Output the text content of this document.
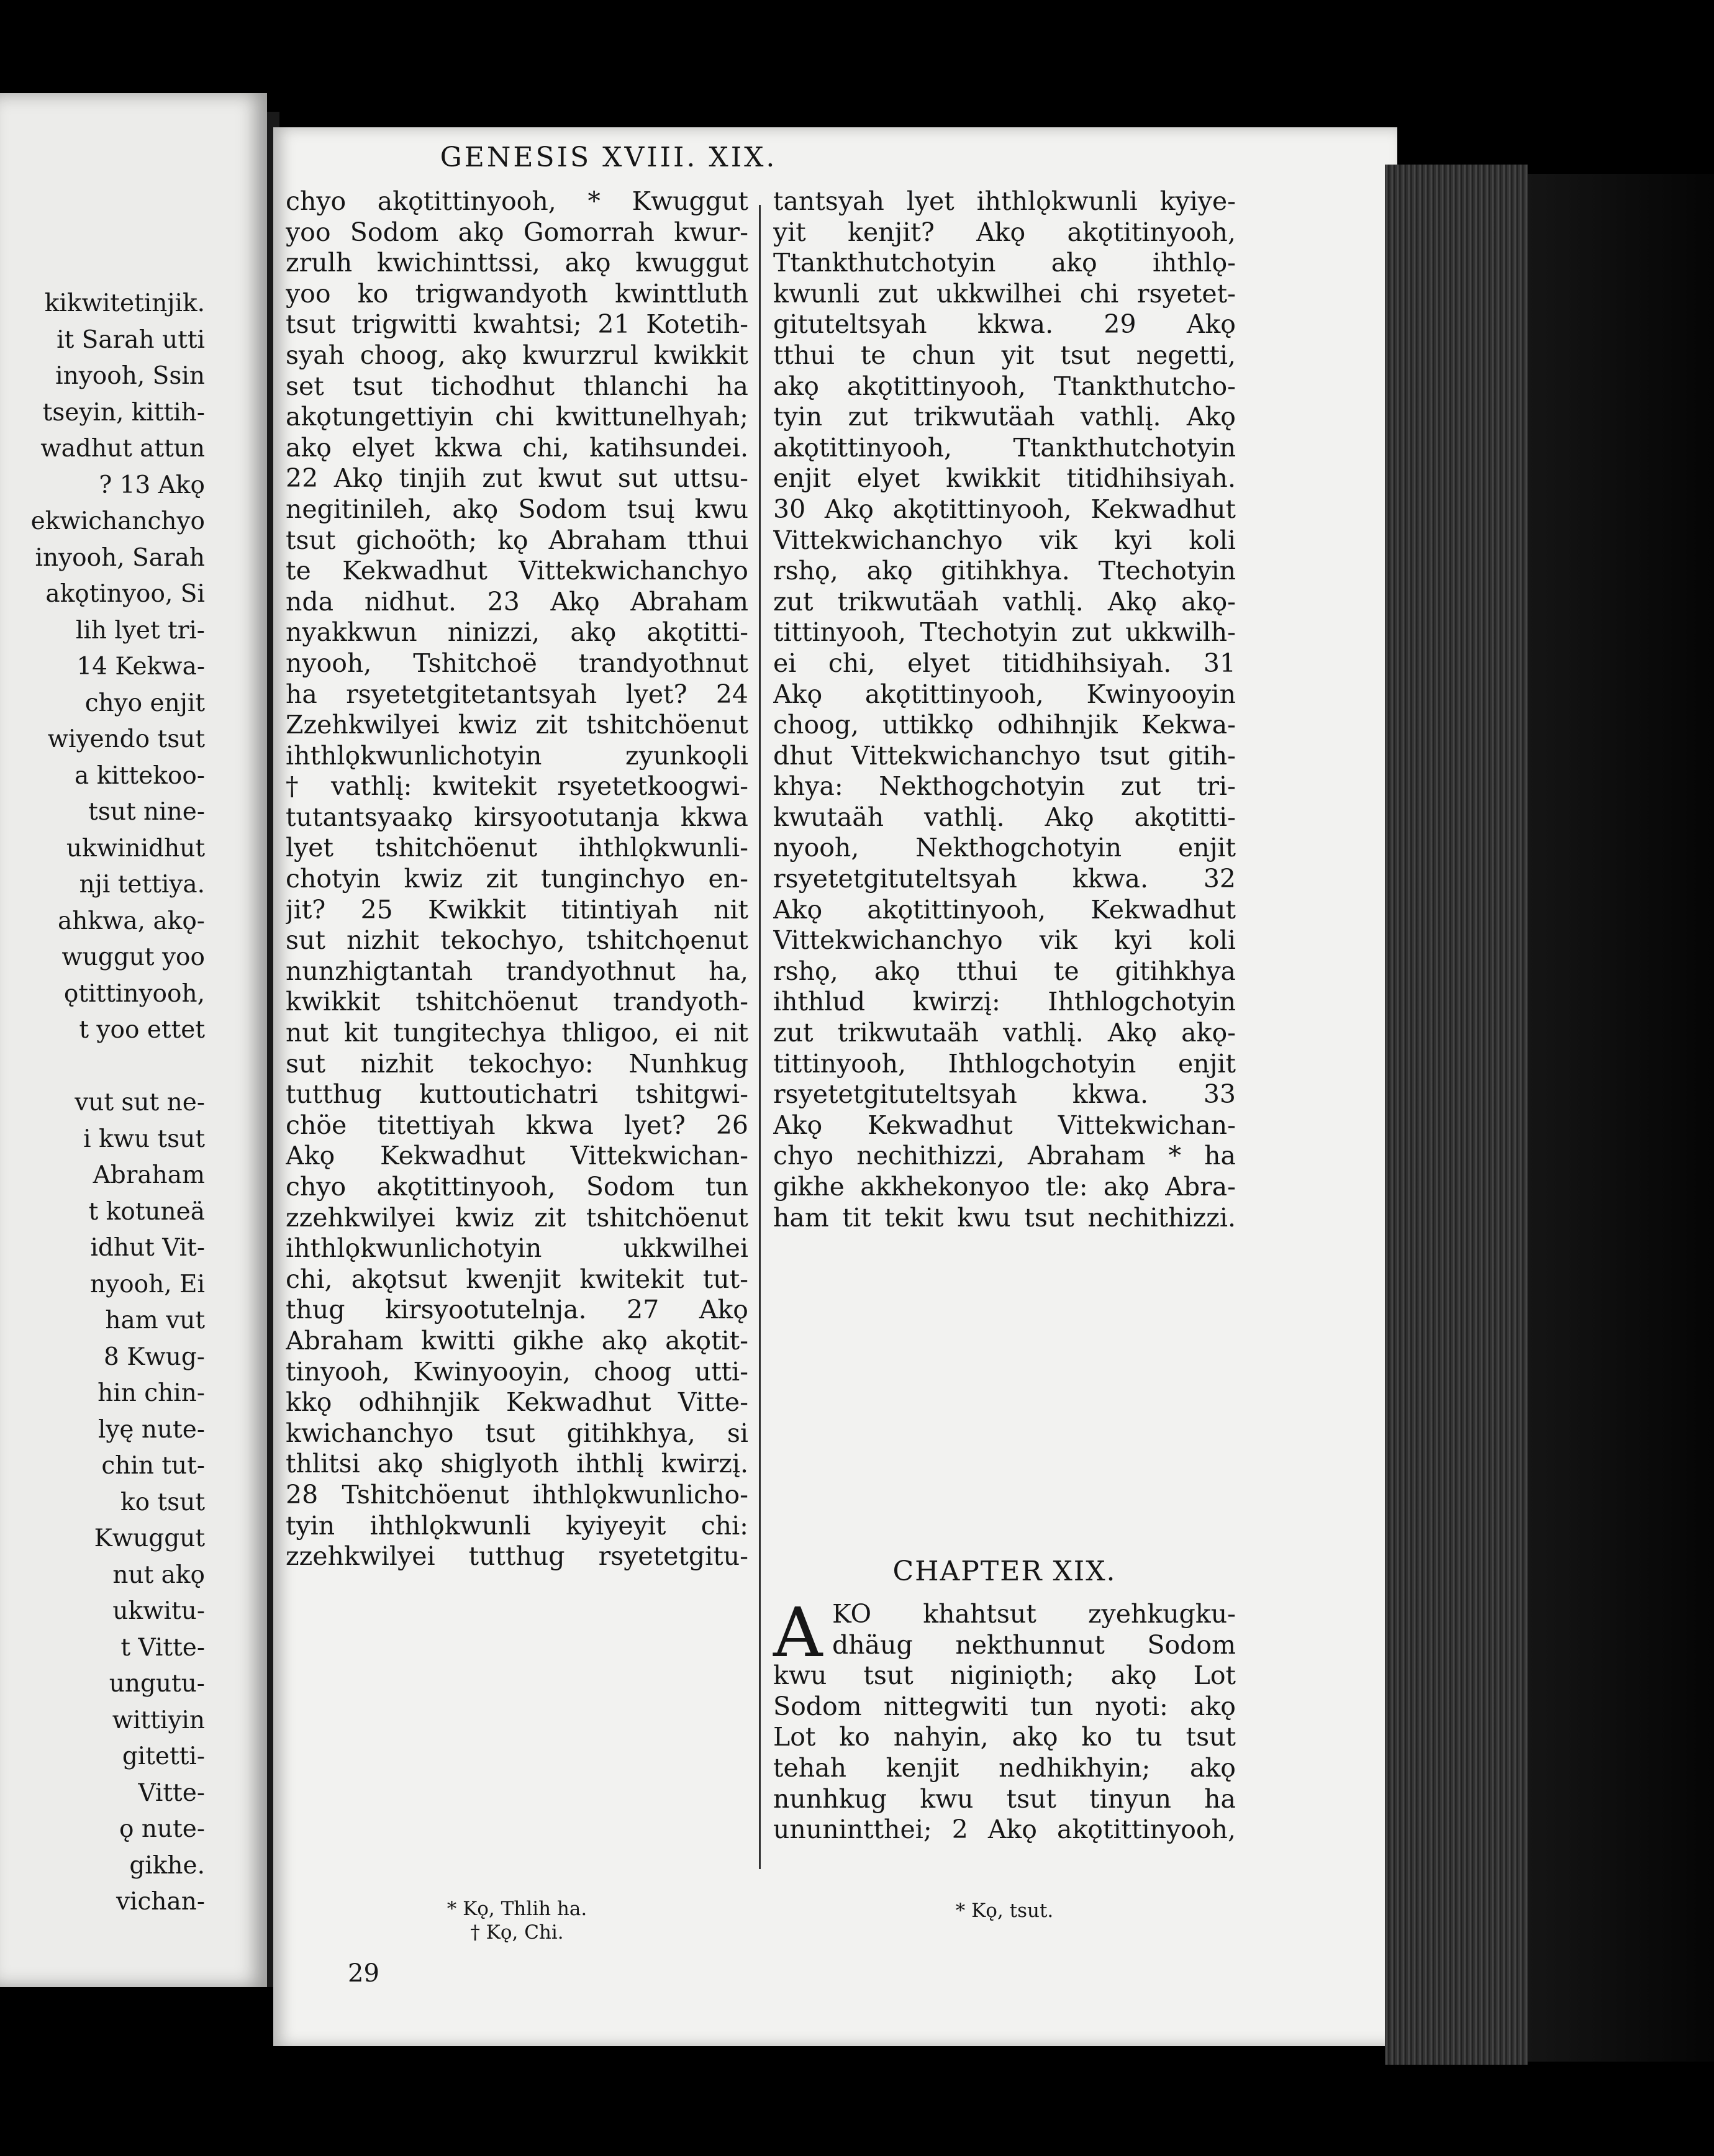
kikwitetinjik.
it Sarah utti
inyooh, Ssin
tseyin, kittih-
wadhut attun
? 13 Akǫ
ekwichanchyo
inyooh, Sarah
akǫtinyoo, Si
lih lyet tri-
14 Kekwa-
chyo enjit
wiyendo tsut
a kittekoo-
tsut nine-
ukwinidhut
nji tettiya.
ahkwa, akǫ-
wuggut yoo
ǫtittinyooh,
t yoo ettet
vut sut ne-
i kwu tsut
Abraham
t kotuneä
idhut Vit-
nyooh, Ei
ham vut
8 Kwug-
hin chin-
lyę nute-
chin tut-
ko tsut
Kwuggut
nut akǫ
ukwitu-
t Vitte-
ungutu-
wittiyin
gitetti-
Vitte-
ǫ nute-
gikhe.
vichan-
GENESIS XVIII. XIX.
chyo akǫtittinyooh, * Kwuggut
yoo Sodom akǫ Gomorrah kwur-
zrulh kwichinttssi, akǫ kwuggut
yoo ko trigwandyoth kwinttluth
tsut trigwitti kwahtsi; 21 Kotetih-
syah choog, akǫ kwurzrul kwikkit
set tsut tichodhut thlanchi ha
akǫtungettiyin chi kwittunelhyah;
akǫ elyet kkwa chi, katihsundei.
22 Akǫ tinjih zut kwut sut uttsu-
negitinileh, akǫ Sodom tsuį kwu
tsut gichoöth; kǫ Abraham tthui
te Kekwadhut Vittekwichanchyo
nda nidhut. 23 Akǫ Abraham
nyakkwun ninizzi, akǫ akǫtitti-
nyooh, Tshitchoë trandyothnut
ha rsyetetgitetantsyah lyet? 24
Zzehkwilyei kwiz zit tshitchöenut
ihthlǫkwunlichotyin zyunkoǫli
† vathlį: kwitekit rsyetetkoogwi-
tutantsyaakǫ kirsyootutanja kkwa
lyet tshitchöenut ihthlǫkwunli-
chotyin kwiz zit tunginchyo en-
jit? 25 Kwikkit titintiyah nit
sut nizhit tekochyo, tshitchǫenut
nunzhigtantah trandyothnut ha,
kwikkit tshitchöenut trandyoth-
nut kit tungitechya thligoo, ei nit
sut nizhit tekochyo: Nunhkug
tutthug kuttoutichatri tshitgwi-
chöe titettiyah kkwa lyet? 26
Akǫ Kekwadhut Vittekwichan-
chyo akǫtittinyooh, Sodom tun
zzehkwilyei kwiz zit tshitchöenut
ihthlǫkwunlichotyin ukkwilhei
chi, akǫtsut kwenjit kwitekit tut-
thug kirsyootutelnja. 27 Akǫ
Abraham kwitti gikhe akǫ akǫtit-
tinyooh, Kwinyooyin, choog utti-
kkǫ odhihnjik Kekwadhut Vitte-
kwichanchyo tsut gitihkhya, si
thlitsi akǫ shiglyoth ihthlį kwirzį.
28 Tshitchöenut ihthlǫkwunlicho-
tyin ihthlǫkwunli kyiyeyit chi:
zzehkwilyei tutthug rsyetetgitu-
tantsyah lyet ihthlǫkwunli kyiye-
yit kenjit? Akǫ akǫtitinyooh,
Ttankthutchotyin akǫ ihthlǫ-
kwunli zut ukkwilhei chi rsyetet-
gituteltsyah kkwa. 29 Akǫ
tthui te chun yit tsut negetti,
akǫ akǫtittinyooh, Ttankthutcho-
tyin zut trikwutäah vathlį. Akǫ
akǫtittinyooh, Ttankthutchotyin
enjit elyet kwikkit titidhihsiyah.
30 Akǫ akǫtittinyooh, Kekwadhut
Vittekwichanchyo vik kyi koli
rshǫ, akǫ gitihkhya. Ttechotyin
zut trikwutäah vathlį. Akǫ akǫ-
tittinyooh, Ttechotyin zut ukkwilh-
ei chi, elyet titidhihsiyah. 31
Akǫ akǫtittinyooh, Kwinyooyin
choog, uttikkǫ odhihnjik Kekwa-
dhut Vittekwichanchyo tsut gitih-
khya: Nekthogchotyin zut tri-
kwutaäh vathlį. Akǫ akǫtitti-
nyooh, Nekthogchotyin enjit
rsyetetgituteltsyah kkwa. 32
Akǫ akǫtittinyooh, Kekwadhut
Vittekwichanchyo vik kyi koli
rshǫ, akǫ tthui te gitihkhya
ihthlud kwirzį: Ihthlogchotyin
zut trikwutaäh vathlį. Akǫ akǫ-
tittinyooh, Ihthlogchotyin enjit
rsyetetgituteltsyah kkwa. 33
Akǫ Kekwadhut Vittekwichan-
chyo nechithizzi, Abraham * ha
gikhe akkhekonyoo tle: akǫ Abra-
ham tit tekit kwu tsut nechithizzi.
CHAPTER XIX.
A KO khahtsut zyehkugku-
dhäug nekthunnut Sodom
kwu tsut niginiǫth; akǫ Lot
Sodom nittegwiti tun nyoti: akǫ
Lot ko nahyin, akǫ ko tu tsut
tehah kenjit nedhikhyin; akǫ
nunhkug kwu tsut tinyun ha
ununintthei; 2 Akǫ akǫtittinyooh,
* Kǫ, Thlih ha.
† Kǫ, Chi.
* Kǫ, tsut.
29
